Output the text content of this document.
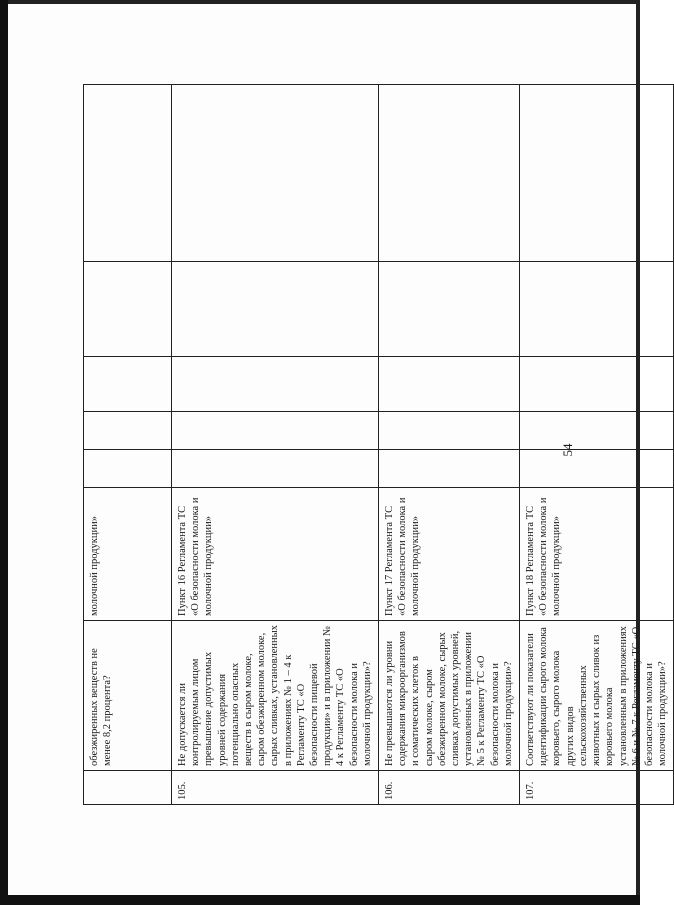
54
	обезжиренных веществ не менее 8,2 процента?	молочной продукции»					
105.	Не допускается ли контролируемым лицом превышение допустимых уровней содержания потенциально опасных веществ в сыром молоке, сыром обезжиренном молоке, сырых сливках, установленных в приложениях № 1 – 4 к Регламенту ТС «О безопасности пищевой продукции» и в приложении № 4 к Регламенту ТС «О безопасности молока и молочной продукции»?	Пункт 16 Регламента ТС «О безопасности молока и молочной продукции»					
106.	Не превышаются ли уровни содержания микроорганизмов и соматических клеток в сыром молоке, сыром обезжиренном молоке, сырых сливках допустимых уровней, установленных в приложении № 5 к Регламенту ТС «О безопасности молока и молочной продукции»?	Пункт 17 Регламента ТС «О безопасности молока и молочной продукции»					
107.	Соответствуют ли показатели идентификации сырого молока коровьего, сырого молока других видов сельскохозяйственных животных и сырых сливок из коровьего молока установленным в приложениях № 6 и № 7 к Регламенту ТС «О безопасности молока и молочной продукции»?	Пункт 18 Регламента ТС «О безопасности молока и молочной продукции»					
